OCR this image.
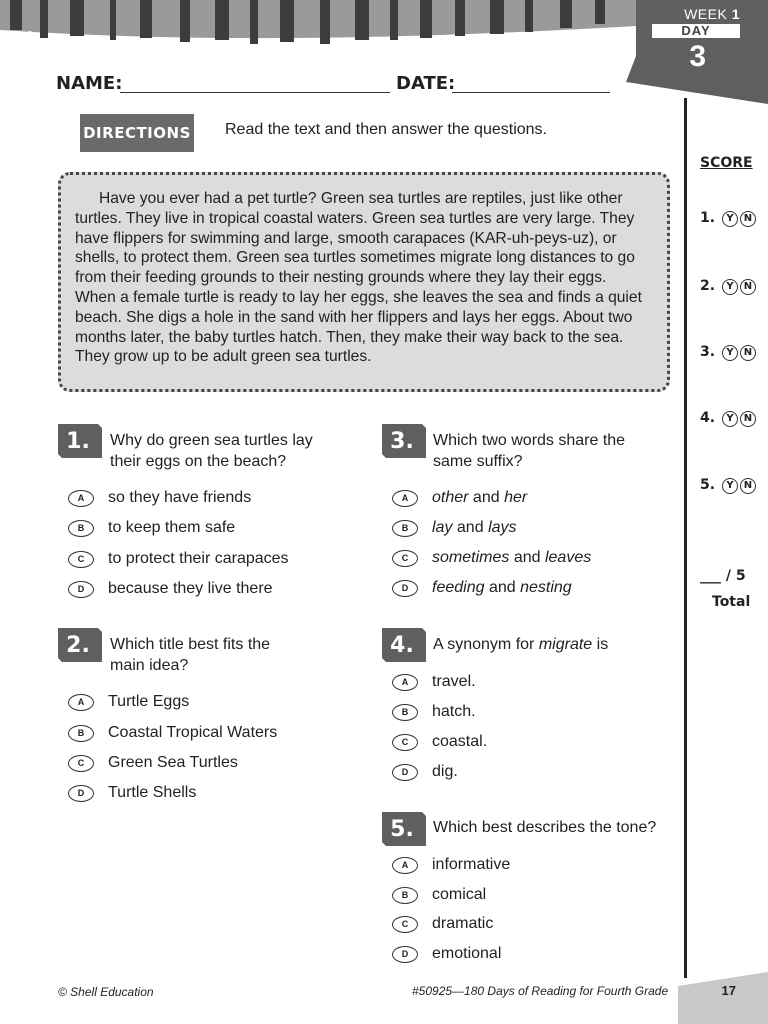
WEEK 1
DAY
3
NAME:	DATE:
DIRECTIONS Read the text and then answer the questions.

Have you ever had a pet turtle? Green sea turtles are reptiles, just like other turtles. They live in tropical coastal waters. Green sea turtles are very large. They have flippers for swimming and large, smooth carapaces (KAR-uh-peys-uz), or shells, to protect them. Green sea turtles sometimes migrate long distances to go from their feeding grounds to their nesting grounds where they lay their eggs. When a female turtle is ready to lay her eggs, she leaves the sea and finds a quiet beach. She digs a hole in the sand with her flippers and lays her eggs. About two months later, the baby turtles hatch. Then, they make their way back to the sea. They grow up to be adult green sea turtles.

SCORE
1. Y N
2. Y N
3. Y N
4. Y N
5. Y N
___ / 5
Total
1.	Why do green sea turtles lay
their eggs on the beach?
A so they have friends
B to keep them safe
C to protect their carapaces
D because they live there
2.	Which title best fits the
main idea?
A Turtle Eggs
B Coastal Tropical Waters
C Green Sea Turtles
D Turtle Shells
3.	Which two words share the
same suffix?
A other and her
B lay and lays
C sometimes and leaves
D feeding and nesting
4.	A synonym for migrate is
A travel.
B hatch.
C coastal.
D dig.
5.	Which best describes the tone?
A informative
B comical
C dramatic
D emotional
© Shell Education	#50925—180 Days of Reading for Fourth Grade	17
